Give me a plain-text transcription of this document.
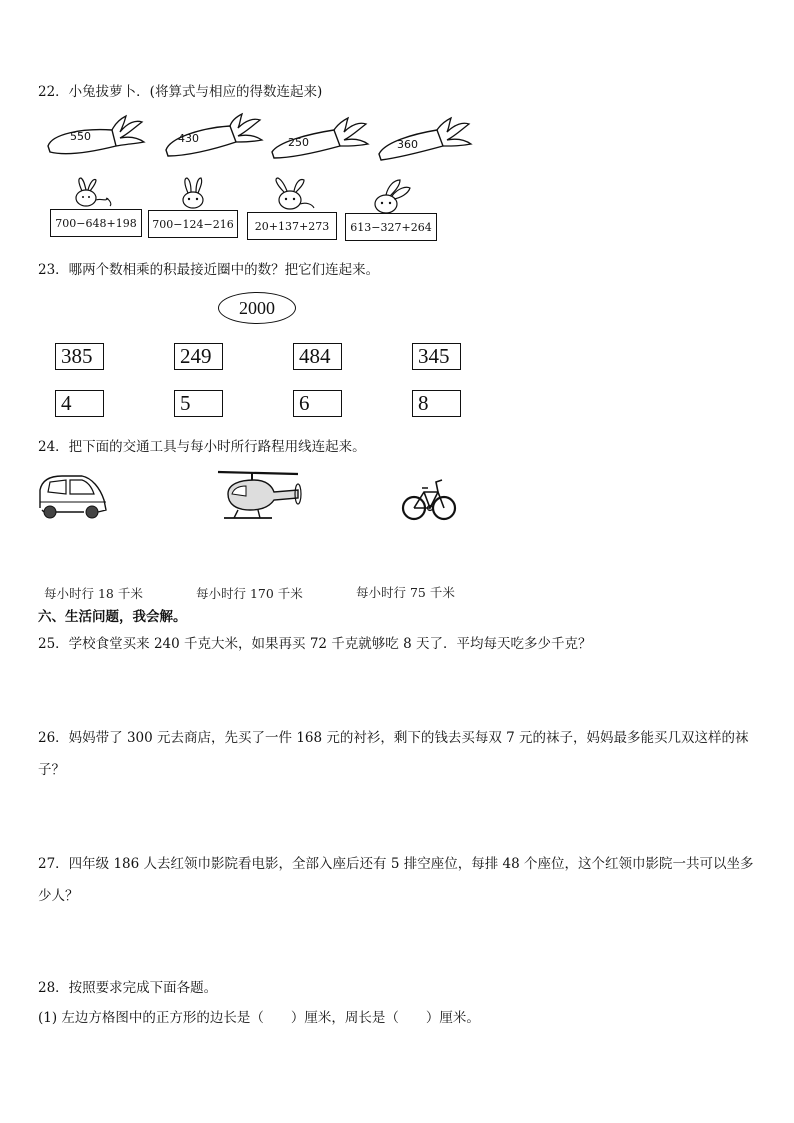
22．小兔拔萝卜．(将算式与相应的得数连起来)
550	430	250	360
700−648+198	700−124−216	20+137+273	613−327+264
23．哪两个数相乘的积最接近圈中的数？把它们连起来。
2000
385	249	484	345
4	5	6	8
24．把下面的交通工具与每小时所行路程用线连起来。
每小时行 18 千米	每小时行 170 千米	每小时行 75 千米
六、生活问题，我会解。
25．学校食堂买来 240 千克大米，如果再买 72 千克就够吃 8 天了．平均每天吃多少千克？
26．妈妈带了 300 元去商店，先买了一件 168 元的衬衫，剩下的钱去买每双 7 元的袜子，妈妈最多能买几双这样的袜子？
27．四年级 186 人去红领巾影院看电影，全部入座后还有 5 排空座位，每排 48 个座位，这个红领巾影院一共可以坐多少人？
28．按照要求完成下面各题。
(1) 左边方格图中的正方形的边长是（　　）厘米，周长是（　　）厘米。
